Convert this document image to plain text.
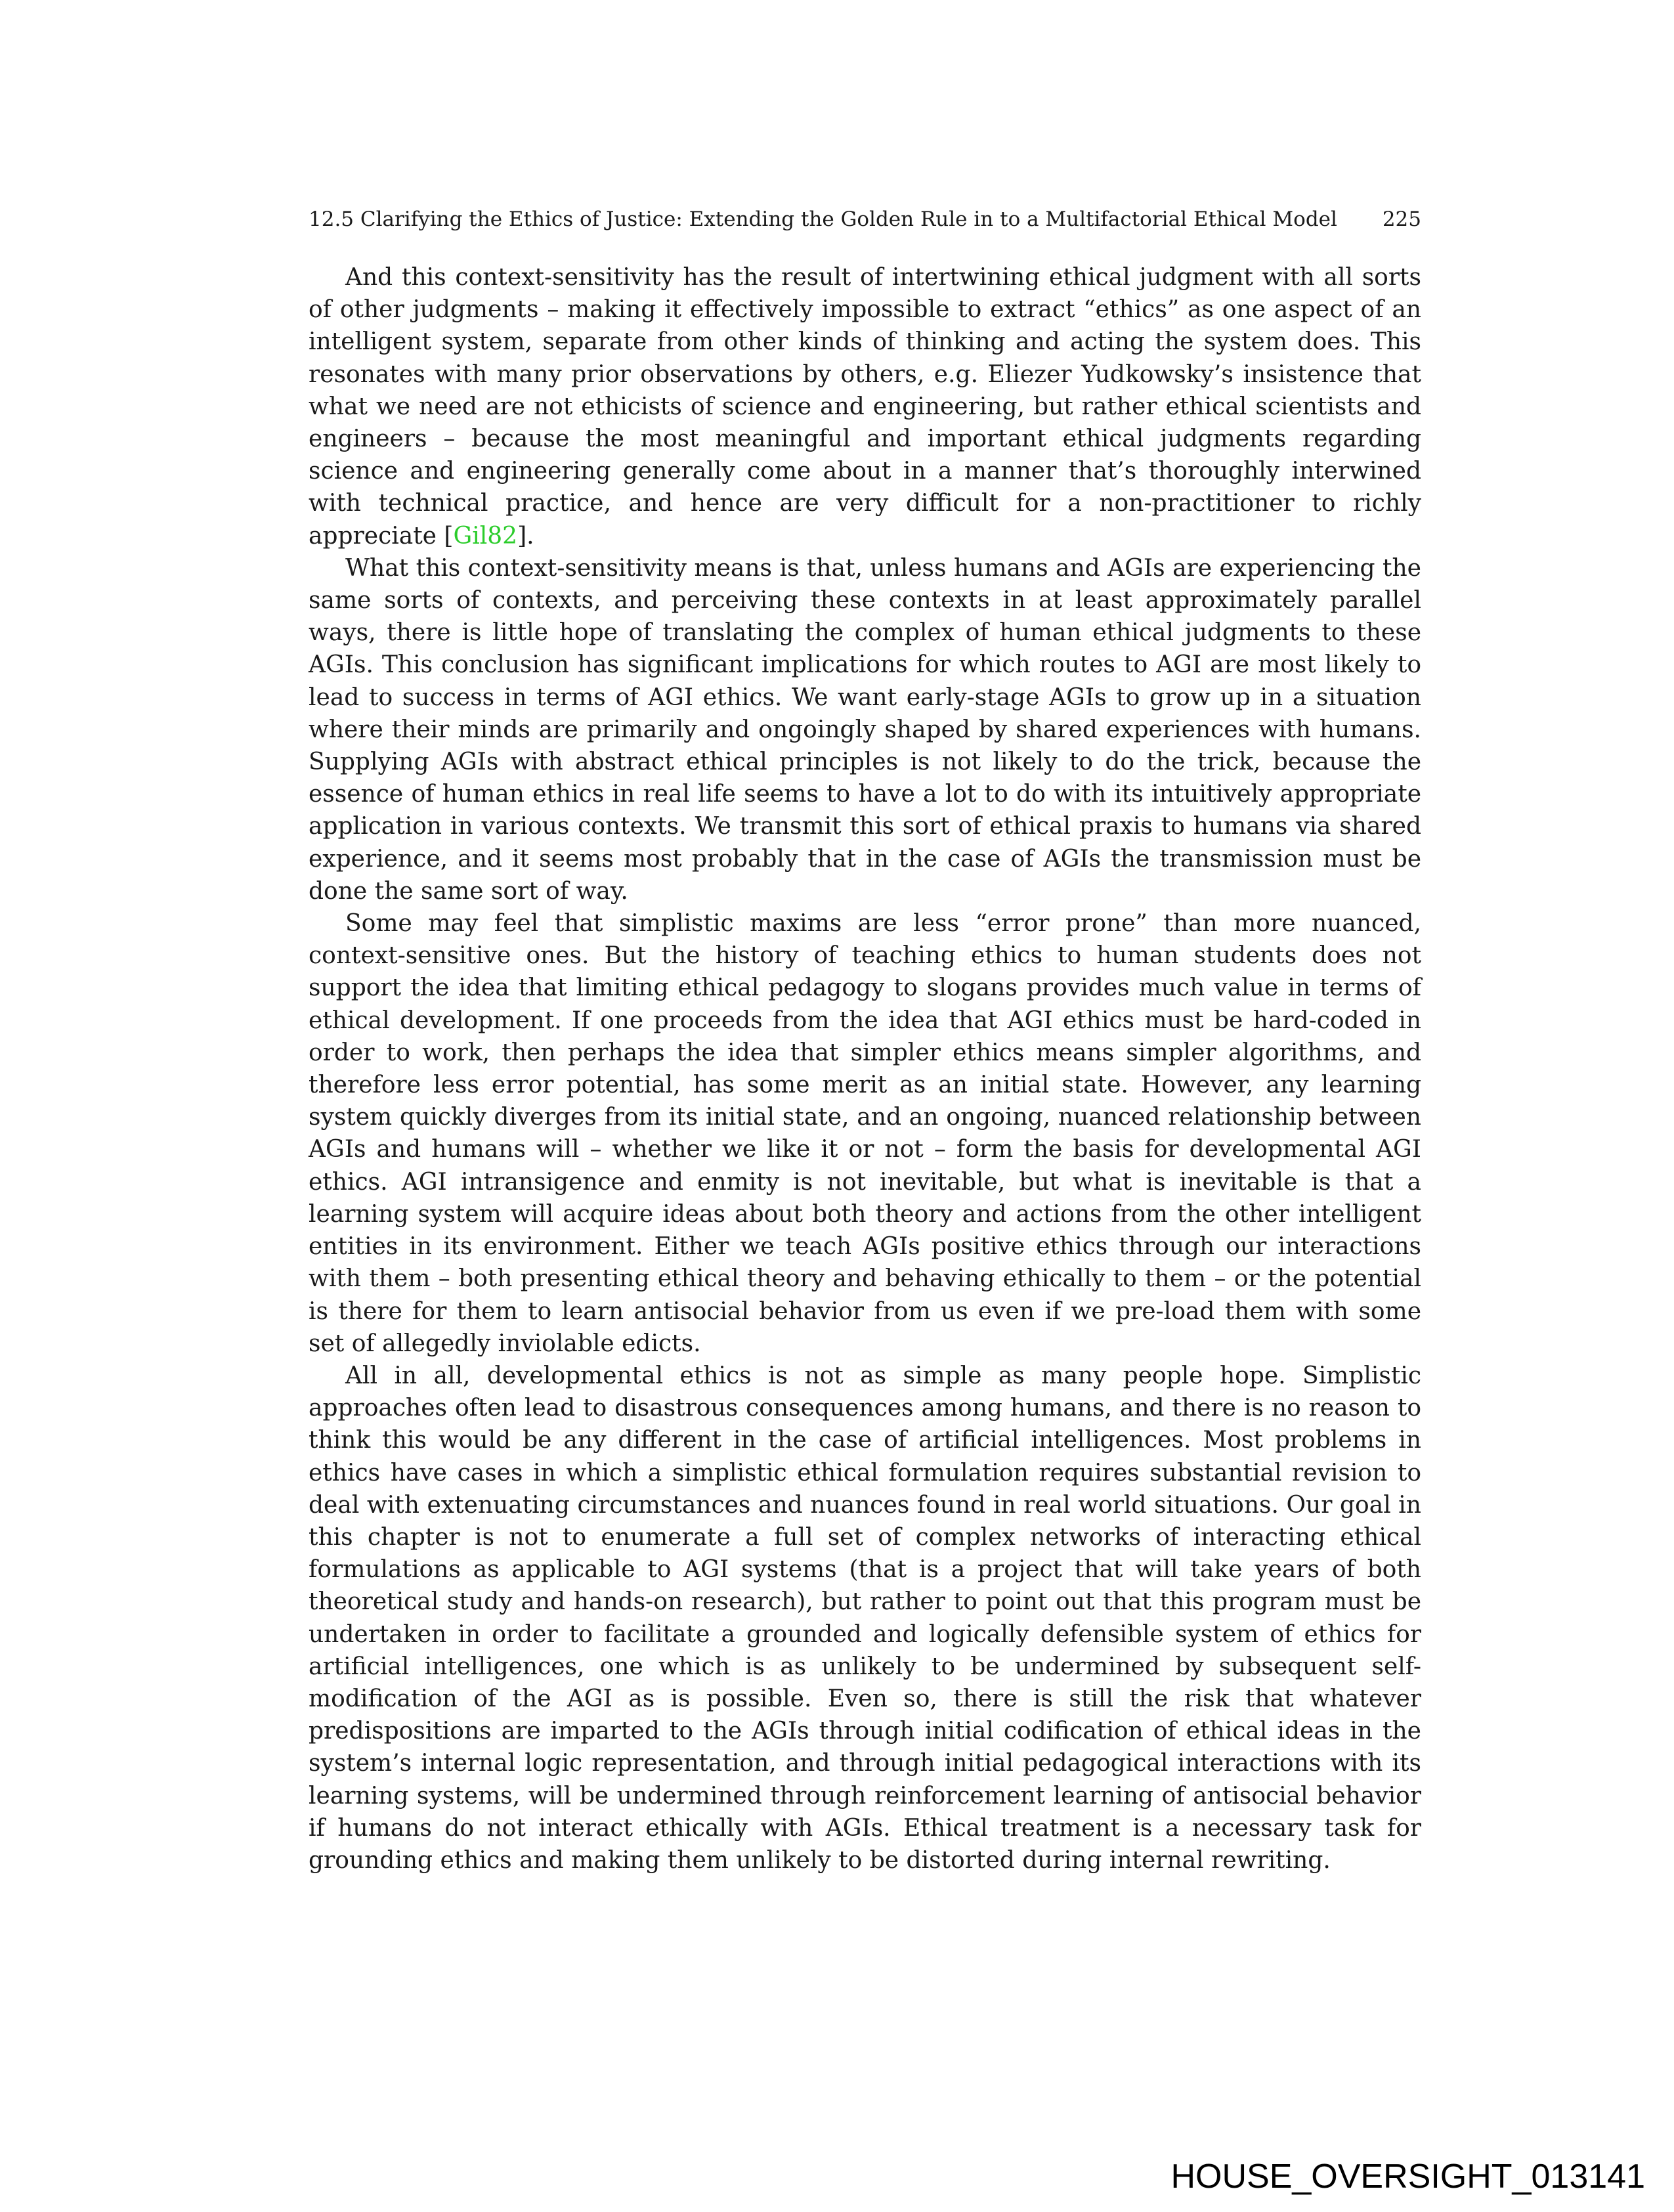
12.5 Clarifying the Ethics of Justice: Extending the Golden Rule in to a Multifactorial Ethical Model 225

And this context-sensitivity has the result of intertwining ethical judgment with all sorts of other judgments – making it effectively impossible to extract “ethics” as one aspect of an intelligent system, separate from other kinds of thinking and acting the system does. This resonates with many prior observations by others, e.g. Eliezer Yudkowsky’s insistence that what we need are not ethicists of science and engineering, but rather ethical scientists and engineers – because the most meaningful and important ethical judgments regarding science and engineering generally come about in a manner that’s thoroughly interwined with technical practice, and hence are very difficult for a non-practitioner to richly appreciate [Gil82].

What this context-sensitivity means is that, unless humans and AGIs are experiencing the same sorts of contexts, and perceiving these contexts in at least approximately parallel ways, there is little hope of translating the complex of human ethical judgments to these AGIs. This conclusion has significant implications for which routes to AGI are most likely to lead to success in terms of AGI ethics. We want early-stage AGIs to grow up in a situation where their minds are primarily and ongoingly shaped by shared experiences with humans. Supplying AGIs with abstract ethical principles is not likely to do the trick, because the essence of human ethics in real life seems to have a lot to do with its intuitively appropriate application in various contexts. We transmit this sort of ethical praxis to humans via shared experience, and it seems most probably that in the case of AGIs the transmission must be done the same sort of way.

Some may feel that simplistic maxims are less “error prone” than more nuanced, context-sensitive ones. But the history of teaching ethics to human students does not support the idea that limiting ethical pedagogy to slogans provides much value in terms of ethical development. If one proceeds from the idea that AGI ethics must be hard-coded in order to work, then perhaps the idea that simpler ethics means simpler algorithms, and therefore less error potential, has some merit as an initial state. However, any learning system quickly diverges from its initial state, and an ongoing, nuanced relationship between AGIs and humans will – whether we like it or not – form the basis for developmental AGI ethics. AGI intransigence and enmity is not inevitable, but what is inevitable is that a learning system will acquire ideas about both theory and actions from the other intelligent entities in its environment. Either we teach AGIs positive ethics through our interactions with them – both presenting ethical theory and behaving ethically to them – or the potential is there for them to learn antisocial behavior from us even if we pre-load them with some set of allegedly inviolable edicts.

All in all, developmental ethics is not as simple as many people hope. Simplistic approaches often lead to disastrous consequences among humans, and there is no reason to think this would be any different in the case of artificial intelligences. Most problems in ethics have cases in which a simplistic ethical formulation requires substantial revision to deal with extenuating circumstances and nuances found in real world situations. Our goal in this chapter is not to enumerate a full set of complex networks of interacting ethical formulations as applicable to AGI systems (that is a project that will take years of both theoretical study and hands-on research), but rather to point out that this program must be undertaken in order to facilitate a grounded and logically defensible system of ethics for artificial intelligences, one which is as unlikely to be undermined by subsequent self-modification of the AGI as is possible. Even so, there is still the risk that whatever predispositions are imparted to the AGIs through initial codification of ethical ideas in the system’s internal logic representation, and through initial pedagogical interactions with its learning systems, will be undermined through reinforcement learning of antisocial behavior if humans do not interact ethically with AGIs. Ethical treatment is a necessary task for grounding ethics and making them unlikely to be distorted during internal rewriting.

HOUSE_OVERSIGHT_013141
